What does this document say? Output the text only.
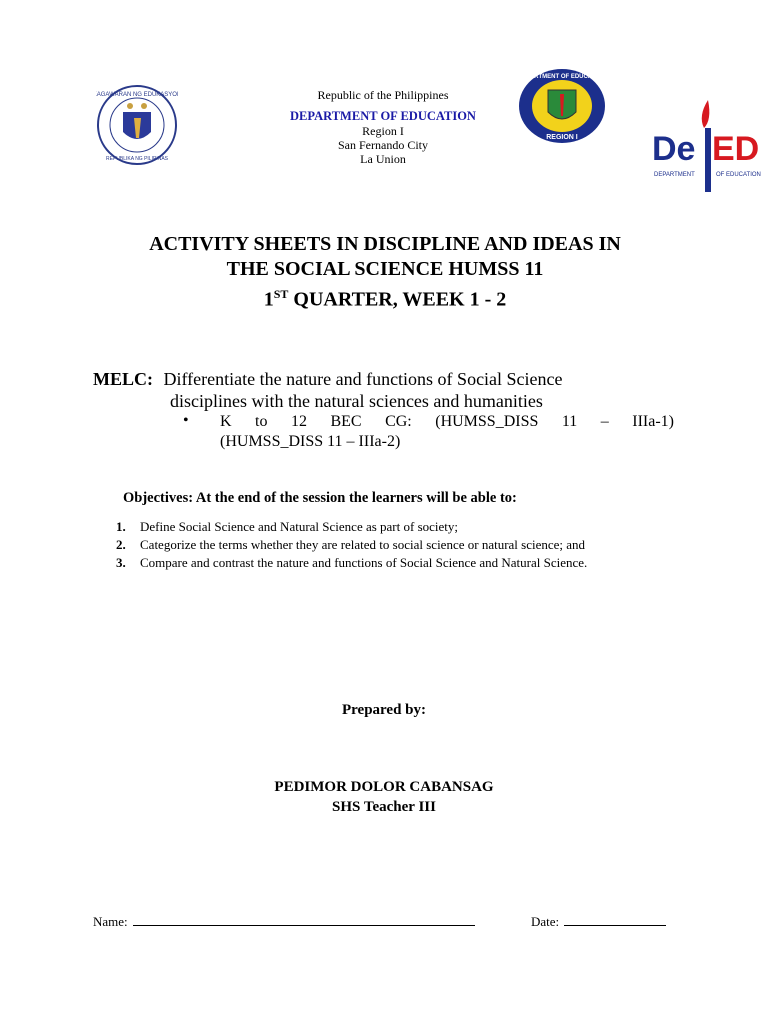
KAGAWARAN NG EDUKASYON
REPUBLIKA NG PILIPINAS
Republic of the Philippines
DEPARTMENT OF EDUCATION
Region I
San Fernando City
La Union
DEPARTMENT OF EDUCATION
REGION I De ED
DEPARTMENT	OF EDUCATION
ACTIVITY SHEETS IN DISCIPLINE AND IDEAS IN
THE SOCIAL SCIENCE HUMSS 11
1ST QUARTER, WEEK 1 - 2
MELC: Differentiate the nature and functions of Social Science
disciplines with the natural sciences and humanities
• K to 12 BEC CG: (HUMSS_DISS 11 – IIIa-1)
(HUMSS_DISS 11 – IIIa-2)
Objectives: At the end of the session the learners will be able to:
1. Define Social Science and Natural Science as part of society;
2. Categorize the terms whether they are related to social science or natural science; and
3. Compare and contrast the nature and functions of Social Science and Natural Science.
Prepared by:
PEDIMOR DOLOR CABANSAG
SHS Teacher III
Name:	Date:
